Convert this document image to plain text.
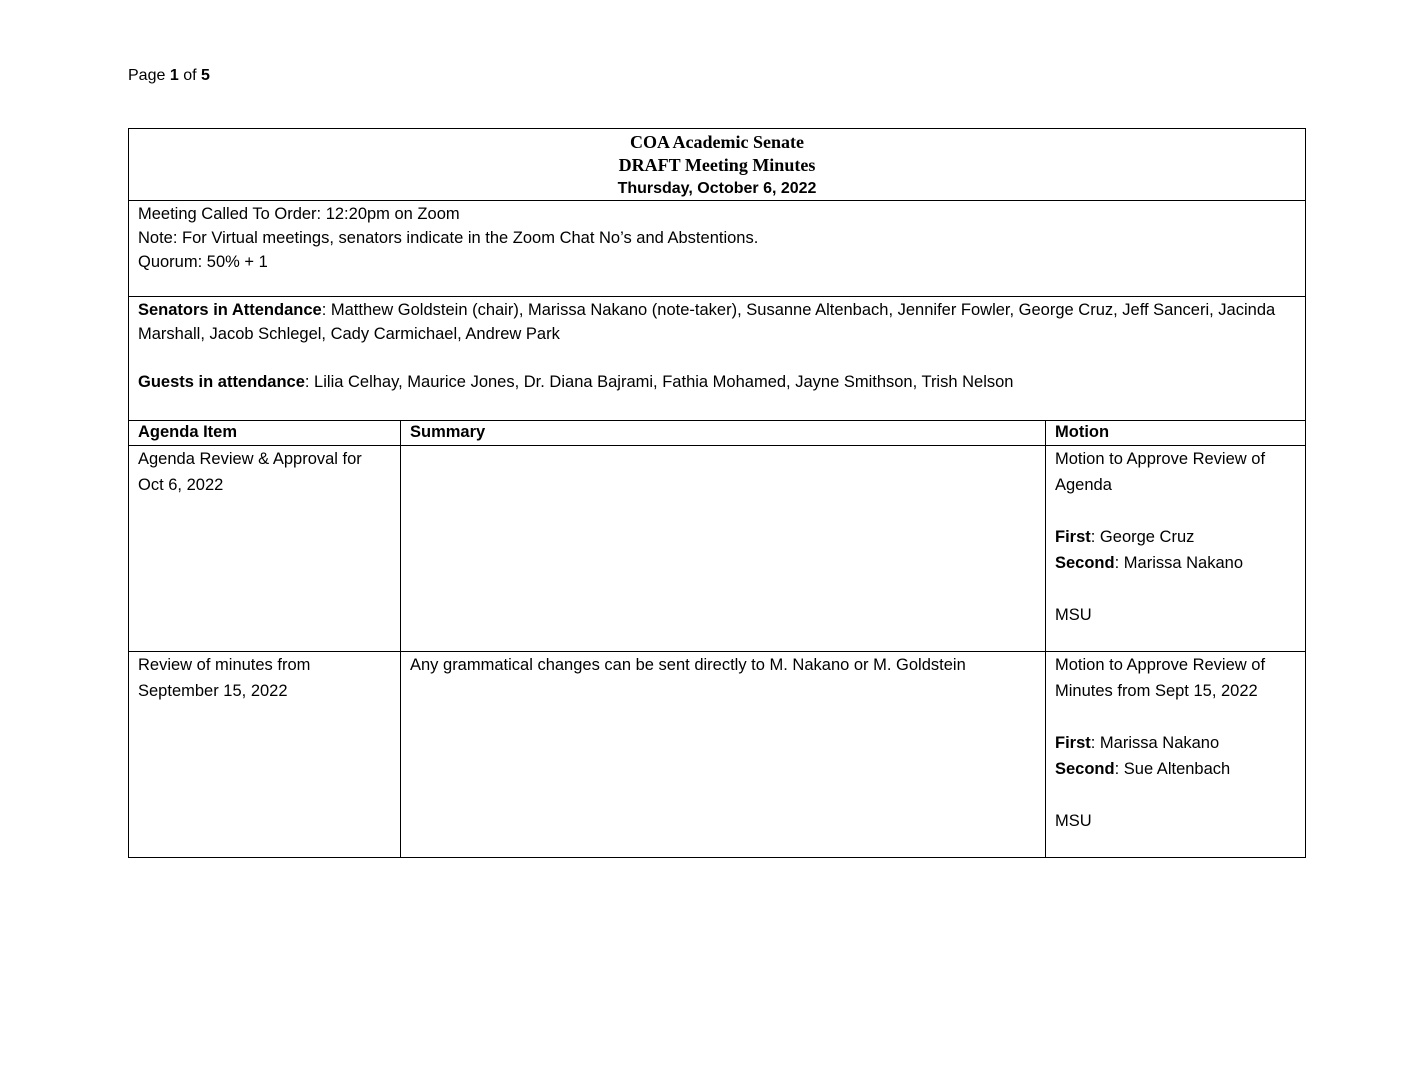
Page 1 of 5
COA Academic Senate
DRAFT Meeting Minutes
Thursday, October 6, 2022		

Meeting Called To Order: 12:20pm on Zoom
Note: For Virtual meetings, senators indicate in the Zoom Chat No’s and Abstentions.
Quorum: 50% + 1		

Senators in Attendance: Matthew Goldstein (chair), Marissa Nakano (note-taker), Susanne Altenbach, Jennifer Fowler, George Cruz, Jeff Sanceri, Jacinda Marshall, Jacob Schlegel, Cady Carmichael, Andrew Park

Guests in attendance: Lilia Celhay, Maurice Jones, Dr. Diana Bajrami, Fathia Mohamed, Jayne Smithson, Trish Nelson		

Agenda Item	Summary	Motion
Agenda Review & Approval for Oct 6, 2022		Motion to Approve Review of Agenda

First: George Cruz

Second: Marissa Nakano

MSU

Review of minutes from September 15, 2022	Any grammatical changes can be sent directly to M. Nakano or M. Goldstein	Motion to Approve Review of Minutes from Sept 15, 2022

First: Marissa Nakano

Second: Sue Altenbach

MSU
